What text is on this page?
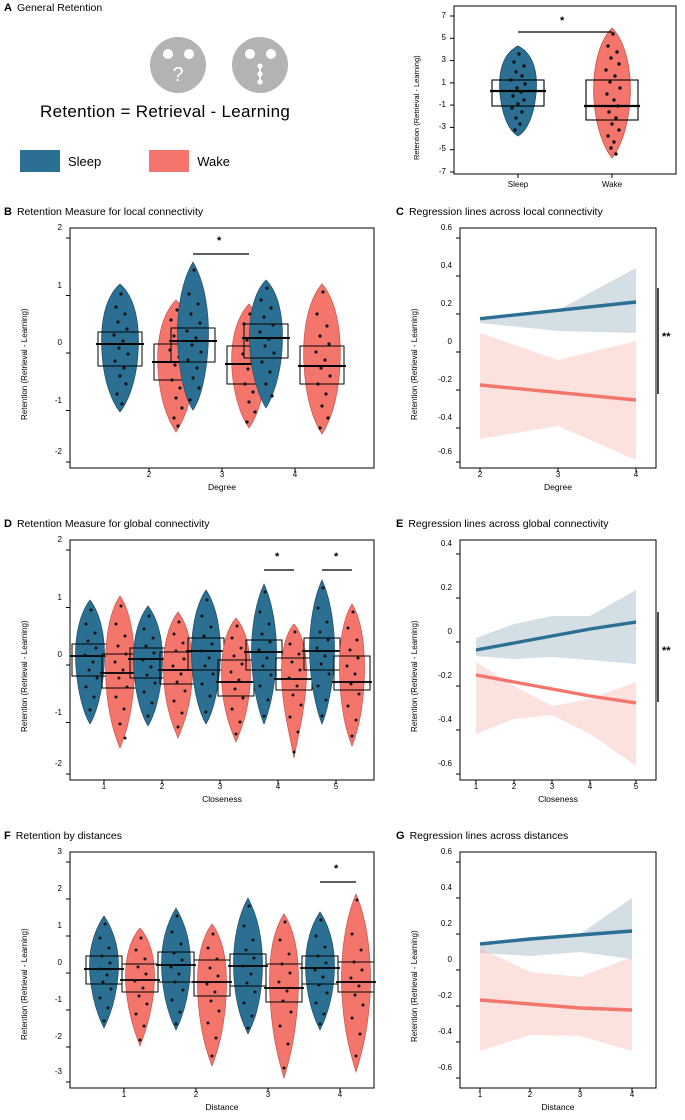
A General Retention
?
Retention = Retrieval - Learning
Sleep	Wake
*
Retention (Retrieval - Learning)
7
5
3
1
-1
-3
-5
-7
Sleep	Wake
B Retention Measure for local connectivity
*
Retention (Retrieval - Learning)
2
1
0
-1
-2
2	3	4
Degree
C Regression lines across local connectivity
**
Retention (Retrieval - Learning)
0.6
0.4
0.2
0
-0.2
-0.4
-0.6
2	3	4
Degree
D Retention Measure for global connectivity
*	*
Retention (Retrieval - Learning)
2
1
0
-1
-2
1	2	3	4	5
Closeness
E Regression lines across global connectivity
**
Retention (Retrieval - Learning)
0.4
0.2
0
-0.2
-0.4
-0.6
1	2	3	4	5
Closeness
F Retention by distances
*
Retention (Retrieval - Learning)
3
2
1
0
-1
-2
-3
1	2	3	4
Distance
G Regression lines across distances
Retention (Retrieval - Learning)
0.6
0.4
0.2
0
-0.2
-0.4
-0.6
1	2	3	4
Distance
